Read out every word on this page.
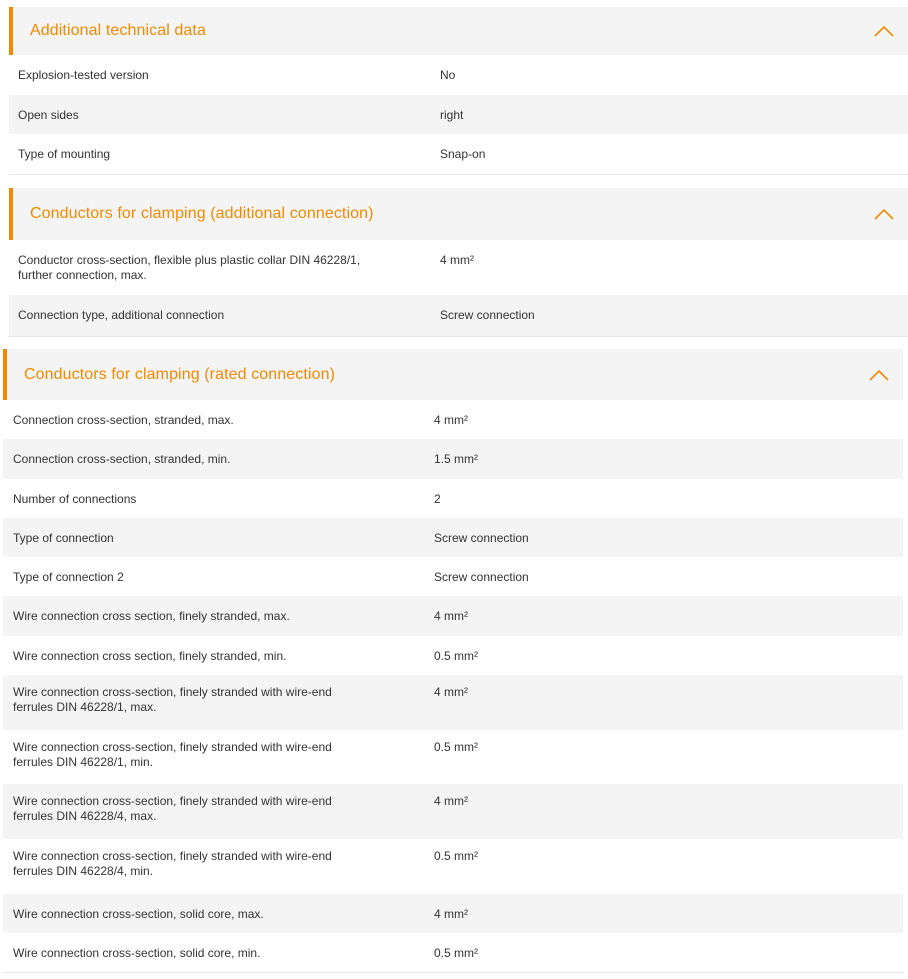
Additional technical data
Explosion-tested version	No
Open sides	right
Type of mounting	Snap-on
Conductors for clamping (additional connection)
Conductor cross-section, flexible plus plastic collar DIN 46228/1,
further connection, max.
4 mm²
Connection type, additional connection	Screw connection
Conductors for clamping (rated connection)
Connection cross-section, stranded, max.	4 mm²
Connection cross-section, stranded, min.	1.5 mm²
Number of connections	2
Type of connection	Screw connection
Type of connection 2	Screw connection
Wire connection cross section, finely stranded, max.	4 mm²
Wire connection cross section, finely stranded, min.	0.5 mm²
Wire connection cross-section, finely stranded with wire-end
ferrules DIN 46228/1, max.
4 mm²
Wire connection cross-section, finely stranded with wire-end
ferrules DIN 46228/1, min.
0.5 mm²
Wire connection cross-section, finely stranded with wire-end
ferrules DIN 46228/4, max.
4 mm²
Wire connection cross-section, finely stranded with wire-end
ferrules DIN 46228/4, min.
0.5 mm²
Wire connection cross-section, solid core, max.	4 mm²
Wire connection cross-section, solid core, min.	0.5 mm²
